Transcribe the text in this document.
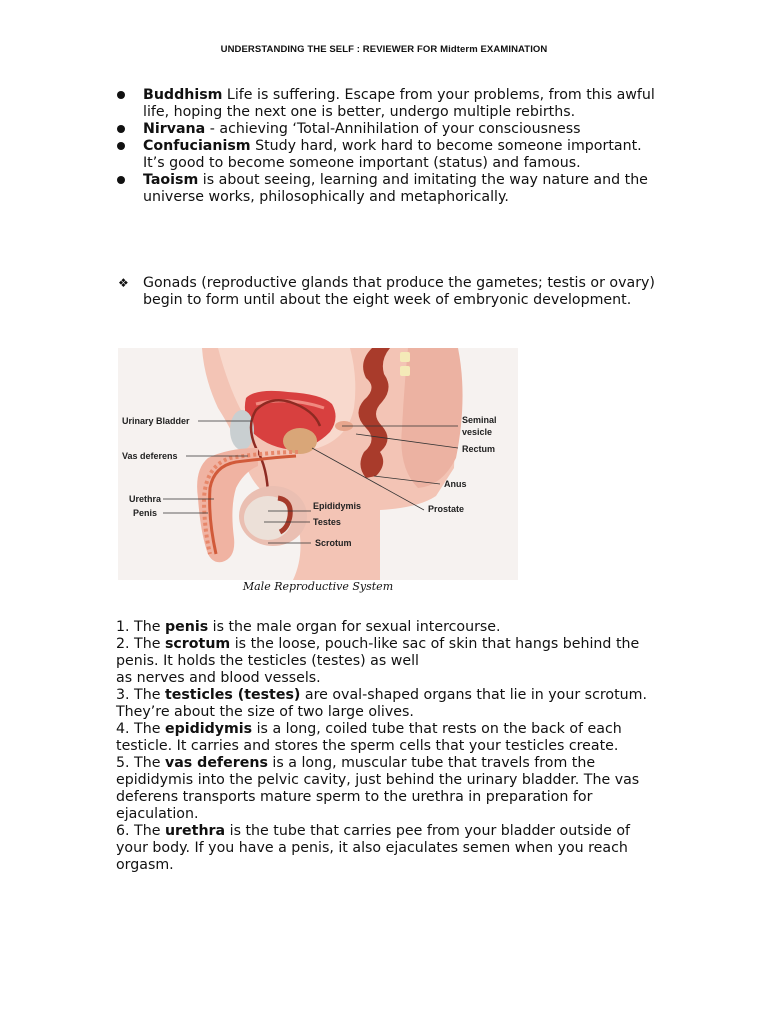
UNDERSTANDING THE SELF : REVIEWER FOR Midterm EXAMINATION
Buddhism Life is suffering. Escape from your problems, from this awful life, hoping the next one is better, undergo multiple rebirths.
Nirvana - achieving ‘Total-Annihilation of your consciousness
Confucianism Study hard, work hard to become someone important. It’s good to become someone important (status) and famous.
Taoism is about seeing, learning and imitating the way nature and the universe works, philosophically and metaphorically.
❖ Gonads (reproductive glands that produce the gametes; testis or ovary) begin to form until about the eight week of embryonic development.
Urinary Bladder
Vas deferens
Urethra
Penis
Epididymis
Testes
Scrotum
Seminal
vesicle
Rectum
Anus
Prostate
Male Reproductive System

1. The penis is the male organ for sexual intercourse.

2. The scrotum is the loose, pouch-like sac of skin that hangs behind the penis. It holds the testicles (testes) as well
as nerves and blood vessels.

3. The testicles (testes) are oval-shaped organs that lie in your scrotum. They’re about the size of two large olives.

4. The epididymis is a long, coiled tube that rests on the back of each testicle. It carries and stores the sperm cells that your testicles create.

5. The vas deferens is a long, muscular tube that travels from the epididymis into the pelvic cavity, just behind the urinary bladder. The vas deferens transports mature sperm to the urethra in preparation for ejaculation.

6. The urethra is the tube that carries pee from your bladder outside of your body. If you have a penis, it also ejaculates semen when you reach orgasm.
